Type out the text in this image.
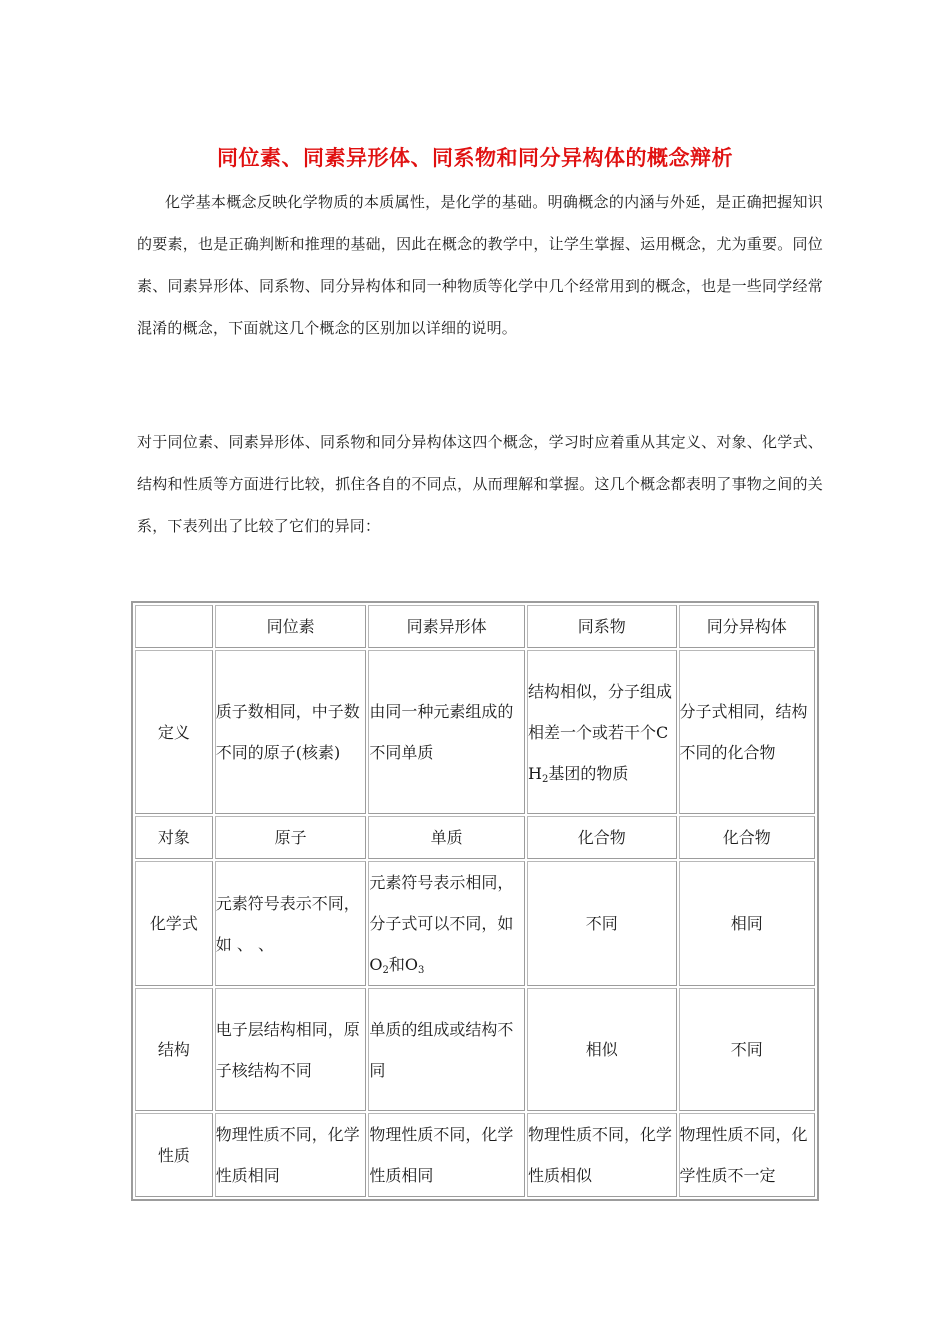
同位素、同素异形体、同系物和同分异构体的概念辩析
化学基本概念反映化学物质的本质属性，是化学的基础。明确概念的内涵与外延，是正确把握知识的要素，也是正确判断和推理的基础，因此在概念的教学中，让学生掌握、运用概念，尤为重要。同位素、同素异形体、同系物、同分异构体和同一种物质等化学中几个经常用到的概念，也是一些同学经常混淆的概念，下面就这几个概念的区别加以详细的说明。
对于同位素、同素异形体、同系物和同分异构体这四个概念，学习时应着重从其定义、对象、化学式、结构和性质等方面进行比较，抓住各自的不同点，从而理解和掌握。这几个概念都表明了事物之间的关系，下表列出了比较了它们的异同：
	同位素	同素异形体	同系物	同分异构体
定义	质子数相同，中子数不同的原子(核素)	由同一种元素组成的不同单质	结构相似，分子组成相差一个或若干个$CH_2$基团的物质	分子式相同，结构不同的化合物
对象	原子	单质	化合物	化合物
化学式	元素符号表示不同，如 、 、	元素符号表示相同，分子式可以不同，如$O_2$和$O_3$	不同	相同
结构	电子层结构相同，原子核结构不同	单质的组成或结构不同	相似	不同
性质	物理性质不同，化学性质相同	物理性质不同，化学性质相同	物理性质不同，化学性质相似	物理性质不同，化学性质不一定
